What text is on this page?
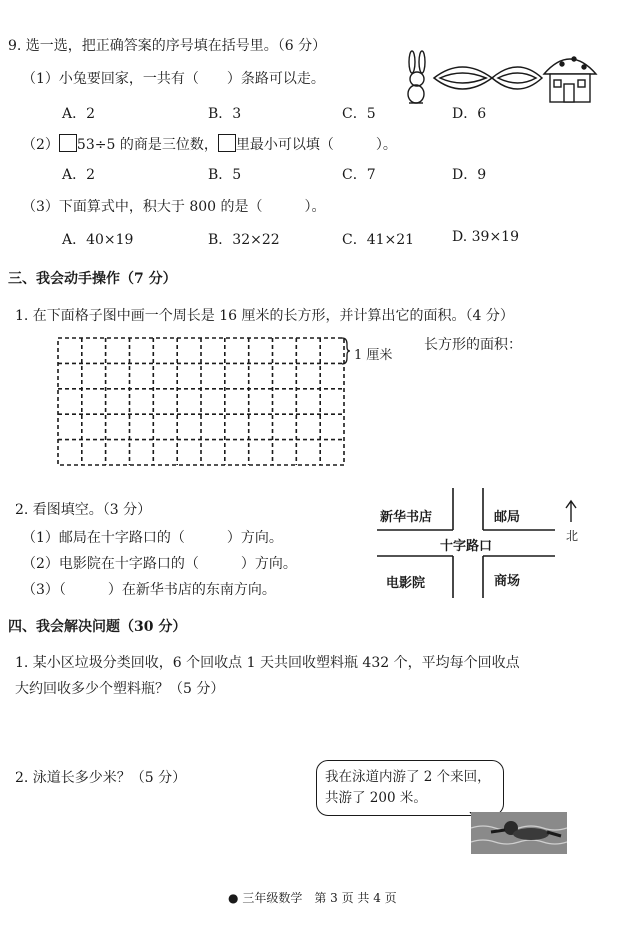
9. 选一选，把正确答案的序号填在括号里。（6 分）
（1）小兔要回家，一共有（　　）条路可以走。
A．2	B．3	C．5	D．6
（2） 53÷5 的商是三位数， 里最小可以填（　　　）。
A．2	B．5	C．7	D．9
（3）下面算式中，积大于 800 的是（　　　）。
A．40×19	B．32×22	C．41×21	D. 39×19
三、我会动手操作（7 分）
1. 在下面格子图中画一个周长是 16 厘米的长方形，并计算出它的面积。（4 分）
1 厘米
长方形的面积：
2. 看图填空。（3 分）
（1）邮局在十字路口的（　　　）方向。
（2）电影院在十字路口的（　　　）方向。
（3）（　　　）在新华书店的东南方向。
新华书店	邮局
十字路口
电影院	商场
北
四、我会解决问题（30 分）
1. 某小区垃圾分类回收，6 个回收点 1 天共回收塑料瓶 432 个，平均每个回收点
大约回收多少个塑料瓶？（5 分）
2. 泳道长多少米？（5 分）	我在泳道内游了 2 个来回，共游了 200 米。
● 三年级数学　第 3 页 共 4 页
